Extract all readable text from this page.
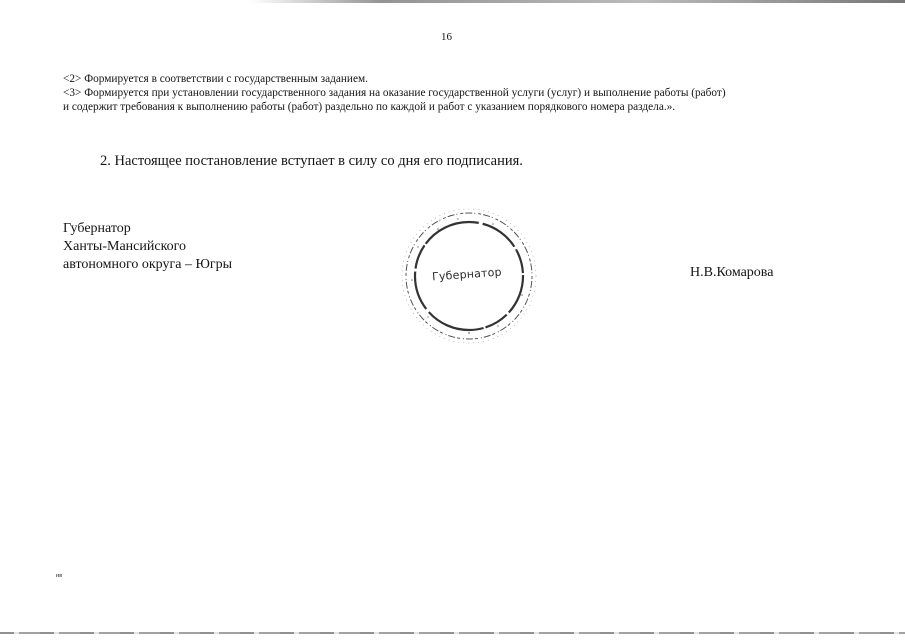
16

<2> Формируется в соответствии с государственным заданием.

<3> Формируется при установлении государственного задания на оказание государственной услуги (услуг) и выполнение работы (работ)

и содержит требования к выполнению работы (работ) раздельно по каждой и работ с указанием порядкового номера раздела.».

2. Настоящее постановление вступает в силу со дня его подписания.

Губернатор
Ханты-Мансийского
автономного округа – Югры
Губернатор	Н.В.Комарова
нв
